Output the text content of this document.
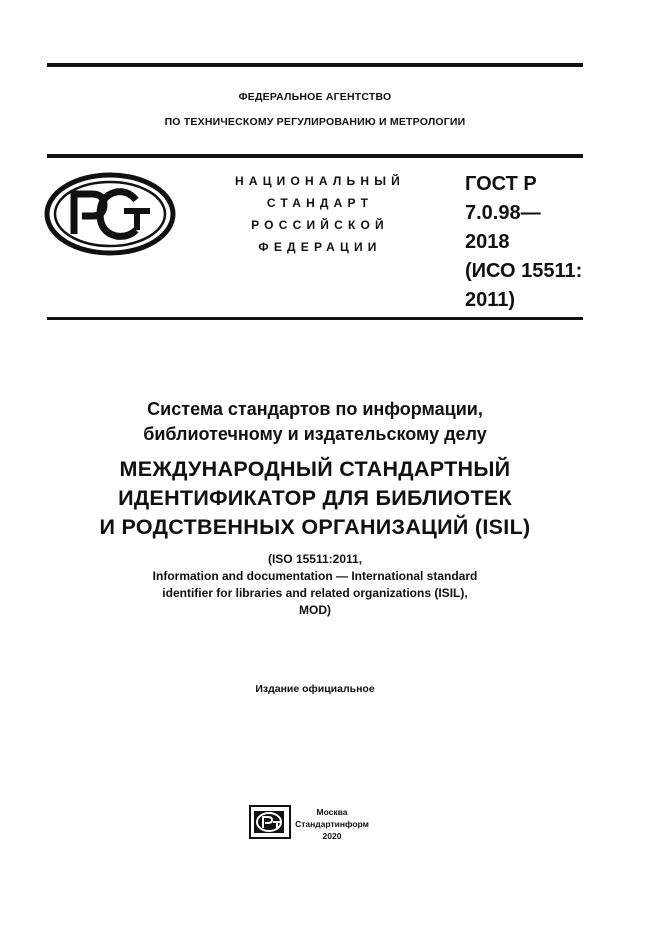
ФЕДЕРАЛЬНОЕ АГЕНТСТВО
ПО ТЕХНИЧЕСКОМУ РЕГУЛИРОВАНИЮ И МЕТРОЛОГИИ
НАЦИОНАЛЬНЫЙ
СТАНДАРТ
РОССИЙСКОЙ
ФЕДЕРАЦИИ
ГОСТ Р
7.0.98—
2018
(ИСО 15511:
2011)
Система стандартов по информации,
библиотечному и издательскому делу
МЕЖДУНАРОДНЫЙ СТАНДАРТНЫЙ
ИДЕНТИФИКАТОР ДЛЯ БИБЛИОТЕК
И РОДСТВЕННЫХ ОРГАНИЗАЦИЙ (ISIL)
(ISO 15511:2011,
Information and documentation — International standard
identifier for libraries and related organizations (ISIL),
MOD)
Издание официальное
Москва
Стандартинформ
2020
